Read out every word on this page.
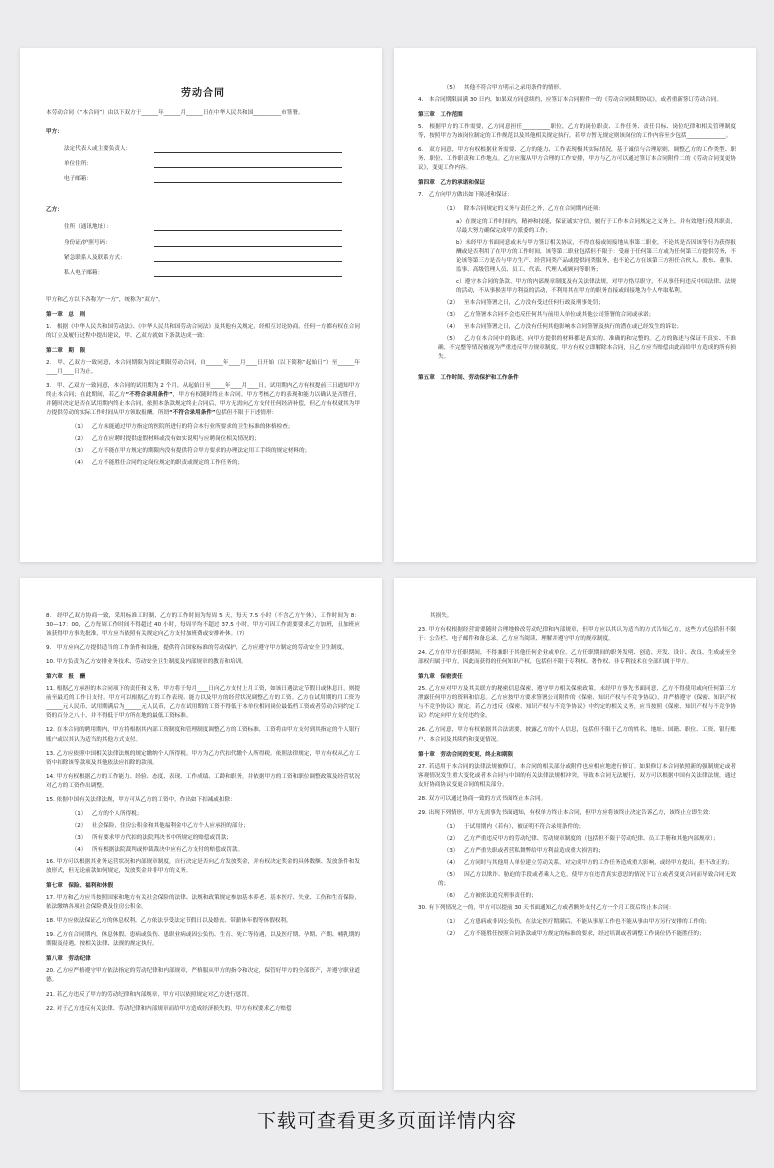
劳动合同
本劳动合同（“本合同”）由以下双方于______年______月______日在中华人民共和国__________市签署。
甲方：
法定代表人或主要负责人：
单位住所：
电子邮箱：
乙方：
住所（通讯地址）：
身份证/护照号码：
紧急联系人及联系方式：
私人电子邮箱：
甲方和乙方以下各称为“一方”，统称为“双方”。
第一章　总　则
1.　根据《中华人民共和国劳动法》、《中华人民共和国劳动合同法》及其他有关规定，经相互讨论协商，任何一方都有权在合同的订立及履行过程中提出建议，甲、乙双方就如下条款达成一致：
第二章　期　限
2.　甲、乙双方一致同意，本合同期限为固定期限劳动合同，自______年____月____日开始（以下简称“起始日”）至______年____月____日为止。
3.　甲、乙双方一致同意，本合同的试用期为 2 个月，从起始日至_____年____月____日，试用期内乙方有权提前三日通知甲方终止本合同；在此期间，若乙方“不符合录用条件”，甲方有权随时终止本合同。甲方考核乙方的表现和能力以确认是否胜任，并随时决定是否在试用期内终止本合同，依照本条款规定终止合同后，甲方无需向乙方支付任何经济补偿，但乙方有权就其为甲方提供劳动的实际工作时间从甲方领取报酬。所谓“不符合录用条件”包括但不限于下述情形：
（1） 乙方未能通过甲方指定的医院所进行的符合本行业所要求的卫生标准的体格检查；
（2） 乙方在应聘时提供虚假材料或没有如实说明与应聘岗位相关情况的；
（3） 乙方不能在甲方规定的期限内没有提供符合甲方要求的办理法定用工手续的规定材料的；
（4） 乙方不能胜任合同约定岗位规定的职责或规定的工作任务的；
（5） 其他不符合甲方明示之录用条件的情形。
4.　本合同期限届满 30 日内，如果双方同意续约，应签订本合同附件一的《劳动合同续期协议》，或者重新签订劳动合同。
第三章　工作范围
5.　根据甲方的工作需要，乙方同意担任__________职位，乙方的岗位职责、工作任务、责任目标、岗位纪律和相关管理制度等，按照甲方为该岗位制定的工作规范以及其他相关规定执行，若甲方暂无规定则该岗位的工作内容至少包括______________。
6.　双方同意，甲方有权根据业务需要、乙方的能力、工作表现极其实际情况，基于诚信与合理原则，调整乙方的工作类型、职务、职位、工作职责和工作地点。乙方应服从甲方合理的工作安排，甲方与乙方可以通过签订本合同附件二的《劳动合同变更协议》，变更工作内容。
第四章　乙方的承诺和保证
7.　乙方向甲方做出如下陈述和保证：
（1） 除本合同规定的义务与责任之外，乙方在合同期内还须：
a）在规定的工作时间内，精神和技能，保证诚实守信，履行于工作本合同规定之义务上，并有效地行使其职责，尽最大努力确保完成甲方派委的工作；
b）未经甲方书面同意或未与甲方签订相关协议，不得直接或间接地从事第二职业，不论其是否因该等行为获得报酬或是否利用了在甲方的工作时间，该等第二职业包括但不限于：受雇于任何第三方或为任何第三方提供劳务，不论该等第三方是否与甲方生产、经营同类产品或提供同类服务，也不论乙方在该第三方担任合伙人、股东、董事、监事、高级管理人员、员工、代表、代理人或顾问等职务；
c）遵守本合同的条款、甲方的内部规章制度及有关法律法规，对甲方恪尽职守，不从事任何违反中国法律、法规的活动，不从事损害甲方利益的活动，不利用其在甲方的职务直接或间接地为个人牟取私利。
（2） 至本合同签署之日，乙方没有受过任何行政及刑事处罚；
（3） 乙方签署本合同不会违反任何其与前用人单位或其他公司签署的合同或承诺；
（4） 至本合同签署之日，乙方没有任何其他影响本合同签署及执行的潜在或已经发生的诉讼；
（5） 乙方在本合同中的陈述，向甲方提供的材料都是真实的、准确的和完整的。乙方的陈述与保证不真实、不准确、不完整等情况被视为严重违反甲方规章制度，甲方有权立即解除本合同，且乙方应当赔偿由此而给甲方造成的所有损失。
第五章　工作时间、劳动保护和工作条件
8.　经甲乙双方协商一致，采用标准工时制，乙方的工作时间为每周 5 天，每天 7.5 小时（不含乙方午休），工作时间为 8：30—17：00，乙方每周工作时间不得超过 40 小时，每周平均不超过 37.5 小时。甲方可因工作需要要求乙方加班，且加班应该获得甲方事先批准，甲方应当依照有关规定向乙方支付加班费或安排补休。（?）
9.　甲方应向乙方提供适当的工作条件和设施，提供符合国家标准的劳动保护，乙方应遵守甲方制定的劳动安全卫生制度。
10. 甲方负责为乙方安排业务技术、劳动安全卫生制度及内部规章的教育和培训。
第六章　报　酬
11. 根据乙方承担的本合同项下的责任和义务，甲方将于每月____日向乙方支付上月工资，如该日遇法定节假日或休息日，则提前至最近的工作日支付。甲方可以根据乙方的工作表现、能力以及甲方的经营状况调整乙方的工资。乙方在试用期的月工资为______元人民币，试用期满后为______元人民币，乙方在试用期的工资不得低于本单位相同岗位最低档工资或者劳动合同约定工资的百分之八十，并不得低于甲方所在地的最低工资标准。
12. 在本合同的聘用期内，甲方将根据其内部工资制度和管理制度调整乙方的工资标准，工资将由甲方支付到其指定的个人银行账户或以其认为适当的其他方式支付。
13. 乙方应依照中国相关法律法规的规定缴纳个人所得税。甲方为乙方代扣代缴个人所得税。依照法律规定，甲方有权从乙方工资中扣除该等款项及其他依法应扣除的款项。
14. 甲方有权根据乙方的工作能力、经验、态度、表现、工作成绩、工龄和职务，并依据甲方的工资和职位调整政策及经营状况对乙方的工资作出调整。
15. 依据中国有关法律法规，甲方可从乙方的工资中，作出如下扣减或扣除：
（1） 乙方的个人所得税；
（2） 社会保险，住房公积金和其他福利金中乙方个人应承担的部分；
（3） 所有要求甲方代扣的法院判决书中所规定的赔偿或罚款；
（4） 所有根据法院裁判或仲裁裁决中应有乙方支付的赔偿或罚款。
16. 甲方可以根据其业务运营状况和内部规章制度，自行决定是否向乙方发放奖金，并有权决定奖金的具体数额、发放条件和发放形式，但无论前款如何规定，发放奖金并非甲方的义务。
第七章　保险、福利和休假
17. 甲方和乙方应当按照国家和地方有关社会保险的法律、法规和政策规定参加基本养老、基本医疗、失业、工伤和生育保险，依法缴纳各项社会保险费及住房公积金。
18. 甲方应依法保证乙方的休息权利。乙方依法享受法定节假日以及婚丧、带薪休年假等休假权利。
19. 乙方在合同期内，休息休假、患病或负伤、患职业病或因公负伤、生育、死亡等待遇，以及医疗期、孕期、产期、哺乳期的期限及待遇，按相关法律、法规的规定执行。
第八章　劳动纪律
20. 乙方应严格遵守甲方依法指定的劳动纪律和内部规章，严格服从甲方的指令和决定，保管好甲方的全部资产，并遵守职业道德。
21. 若乙方违反了甲方的劳动纪律和内部规章，甲方可以依照规定对乙方进行惩罚。
22. 对于乙方违反有关法律、劳动纪律和内部规章而给甲方造成经济损失的，甲方有权要求乙方赔偿
其损失。
23. 甲方有权根据经营需要随时合理地修改劳动纪律和内部规章，但甲方应以其认为适当的方式告知乙方，这些方式包括但不限于：公告栏、电子邮件和备忘录。乙方应当阅读、理解并遵守甲方的规章制度。
24. 乙方在甲方任职期间，不得兼职于其他任何企业或单位。乙方任职期间的职务发明、创造、开发、设计、改良、生成或至全部权归属于甲方，因此而获得的任何知识产权，包括但不限于专利权、著作权、非专利技术在全部归属于甲方。
第九章　保密责任
25. 乙方应对甲方及其关联方的秘密信息保密，遵守甲方相关保密政策。未经甲方事先书面同意，乙方不得使用或向任何第三方泄露任何甲方的资料和信息。乙方应按甲方要求签署公司附件的《保密、知识产权与不竞争协议》，并严格遵守《保密、知识产权与不竞争协议》规定。若乙方违反《保密、知识产权与不竞争协议》中约定的相关义务，应当按照《保密、知识产权与不竞争协议》约定向甲方支付违约金。
26. 乙方同意，甲方有权依据其合法需要，披露乙方的个人信息，包括但不限于乙方的姓名、地址、国籍、职位、工资、银行账户、本合同及其续约和变更情况。
第十章　劳动合同的变更、终止和期限
27. 若适用于本合同的法律法规被修订，本合同的相关部分或附件也应相应地进行修订。如果修订本合同依照新的强制规定或者客观情况发生重大变化或者本合同与中国的有关法律法规相冲突，导致本合同无法履行，双方可以根据中国有关法律法规，通过友好协商协议变更合同的相关部分。
28. 双方可以通过协商一致的方式书面终止本合同。
29. 出现下列情形，甲方无需事先书面通知，有权单方终止本合同，但甲方应将该终止决定告诉乙方，该终止立即生效：
（1） 于试用期内（若有），被证明不符合录用条件的；
（2） 乙方严重违反甲方的劳动纪律、劳动规章制度的（包括但不限于劳动纪律、员工手册和其他内部规章）；
（3） 乙方严重失职或者营私舞弊给甲方利益造成重大损害的；
（4） 乙方同时与其他用人单位建立劳动关系，对完成甲方的工作任务造成重大影响，或经甲方提出，拒不改正的；
（5） 因乙方以欺诈、胁迫的手段或者乘人之危，使甲方在违背真实意思的情况下订立或者变更合同而导致合同无效的；
（6） 乙方被依法追究刑事责任的；
30. 有下列情况之一的，甲方可以提前 30 天书面通知乙方或者额外支付乙方一个月工资后终止本合同：
（1） 乙方患病或非因公负伤，在法定医疗期满后，不能从事原工作也不能从事由甲方另行安排的工作的；
（2） 乙方不能胜任按照合同条款或甲方规定的标准的要求，经过培训或者调整工作岗位仍不能胜任的；
下载可查看更多页面详情内容
